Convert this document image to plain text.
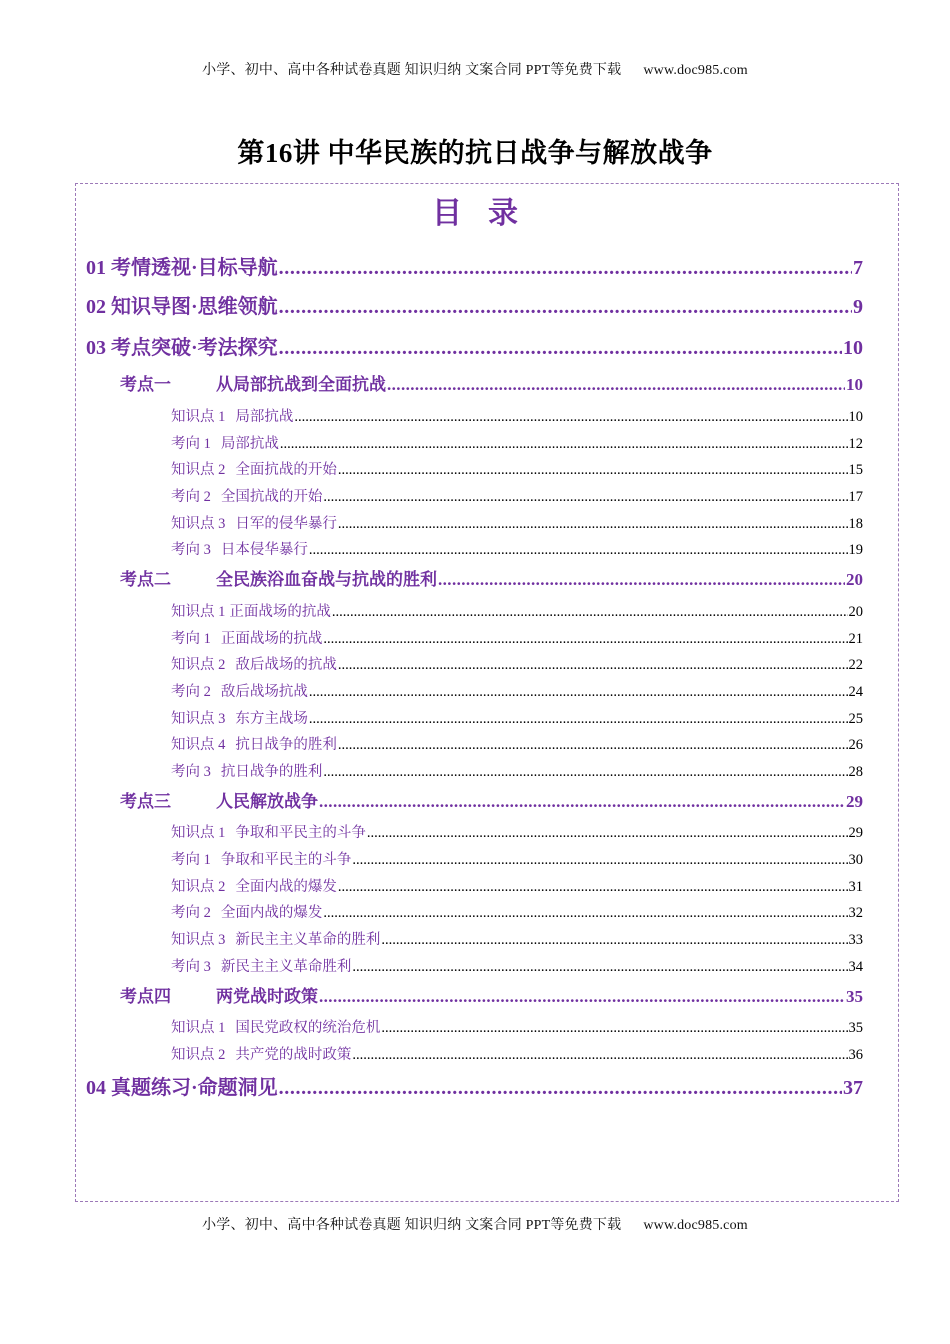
小学、初中、高中各种试卷真题 知识归纳 文案合同 PPT等免费下载 www.doc985.com
第16讲 中华民族的抗日战争与解放战争
目录
01 考情透视·目标导航 .....	7
02 知识导图·思维领航 .....	9
03 考点突破·考法探究 .....	10
考点一	从局部抗战到全面抗战 .....	10
知识点 1 局部抗战 .....	10
考向 1 局部抗战 .....	12
知识点 2 全面抗战的开始 .....	15
考向 2 全国抗战的开始 .....	17
知识点 3 日军的侵华暴行 .....	18
考向 3 日本侵华暴行 .....	19
考点二	全民族浴血奋战与抗战的胜利 .....	20
知识点 1 正面战场的抗战 .....	20
考向 1 正面战场的抗战 .....	21
知识点 2 敌后战场的抗战 .....	22
考向 2 敌后战场抗战 .....	24
知识点 3 东方主战场 .....	25
知识点 4 抗日战争的胜利 .....	26
考向 3 抗日战争的胜利 .....	28
考点三	人民解放战争 .....	29
知识点 1 争取和平民主的斗争 .....	29
考向 1 争取和平民主的斗争 .....	30
知识点 2 全面内战的爆发 .....	31
考向 2 全面内战的爆发 .....	32
知识点 3 新民主主义革命的胜利 .....	33
考向 3 新民主主义革命胜利 .....	34
考点四	两党战时政策 .....	35
知识点 1 国民党政权的统治危机 .....	35
知识点 2 共产党的战时政策 .....	36
04 真题练习·命题洞见 .....	37
小学、初中、高中各种试卷真题 知识归纳 文案合同 PPT等免费下载 www.doc985.com
